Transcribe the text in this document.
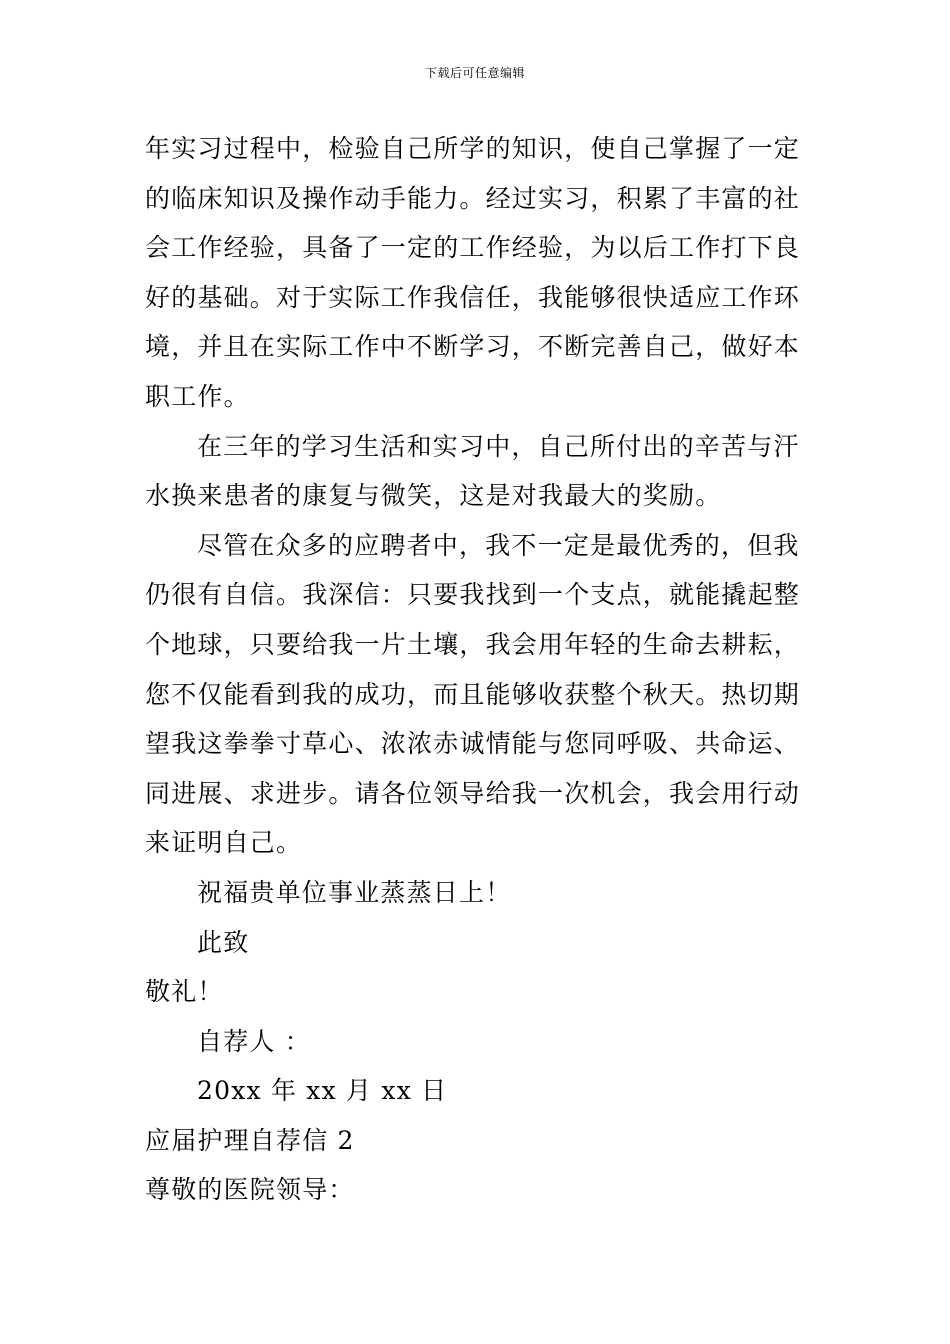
下载后可任意编辑

年实习过程中，检验自己所学的知识，使自己掌握了一定
的临床知识及操作动手能力。经过实习，积累了丰富的社
会工作经验，具备了一定的工作经验，为以后工作打下良
好的基础。对于实际工作我信任，我能够很快适应工作环
境，并且在实际工作中不断学习，不断完善自己，做好本
职工作。

在三年的学习生活和实习中，自己所付出的辛苦与汗
水换来患者的康复与微笑，这是对我最大的奖励。

尽管在众多的应聘者中，我不一定是最优秀的，但我
仍很有自信。我深信：只要我找到一个支点，就能撬起整
个地球，只要给我一片土壤，我会用年轻的生命去耕耘，
您不仅能看到我的成功，而且能够收获整个秋天。热切期
望我这拳拳寸草心、浓浓赤诚情能与您同呼吸、共命运、
同进展、求进步。请各位领导给我一次机会，我会用行动
来证明自己。

祝福贵单位事业蒸蒸日上！

此致

敬礼！

自荐人 ：

20xx 年 xx 月 xx 日

应届护理自荐信 2

尊敬的医院领导：
